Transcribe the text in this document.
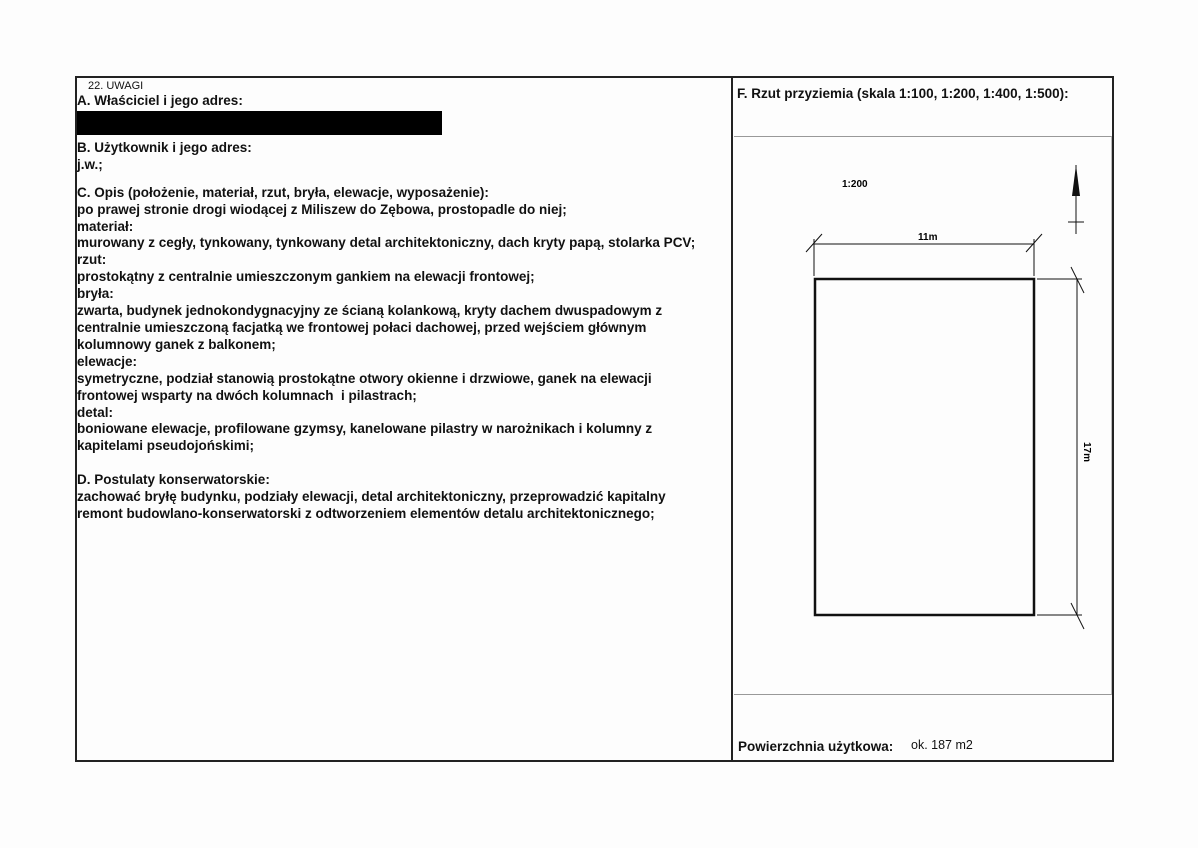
22. UWAGI
A. Właściciel i jego adres:
B. Użytkownik i jego adres:
j.w.;
C. Opis (położenie, materiał, rzut, bryła, elewacje, wyposażenie):
po prawej stronie drogi wiodącej z Miliszew do Zębowa, prostopadle do niej;
materiał:
murowany z cegły, tynkowany, tynkowany detal architektoniczny, dach kryty papą, stolarka PCV;
rzut:
prostokątny z centralnie umieszczonym gankiem na elewacji frontowej;
bryła:
zwarta, budynek jednokondygnacyjny ze ścianą kolankową, kryty dachem dwuspadowym z
centralnie umieszczoną facjatką we frontowej połaci dachowej, przed wejściem głównym
kolumnowy ganek z balkonem;
elewacje:
symetryczne, podział stanowią prostokątne otwory okienne i drzwiowe, ganek na elewacji
frontowej wsparty na dwóch kolumnach  i pilastrach;
detal:
boniowane elewacje, profilowane gzymsy, kanelowane pilastry w narożnikach i kolumny z
kapitelami pseudojońskimi;
D. Postulaty konserwatorskie:
zachować bryłę budynku, podziały elewacji, detal architektoniczny, przeprowadzić kapitalny
remont budowlano-konserwatorski z odtworzeniem elementów detalu architektonicznego;
F. Rzut przyziemia (skala 1:100, 1:200, 1:400, 1:500):
1:200
11m
17m
Powierzchnia użytkowa: ok. 187 m2
